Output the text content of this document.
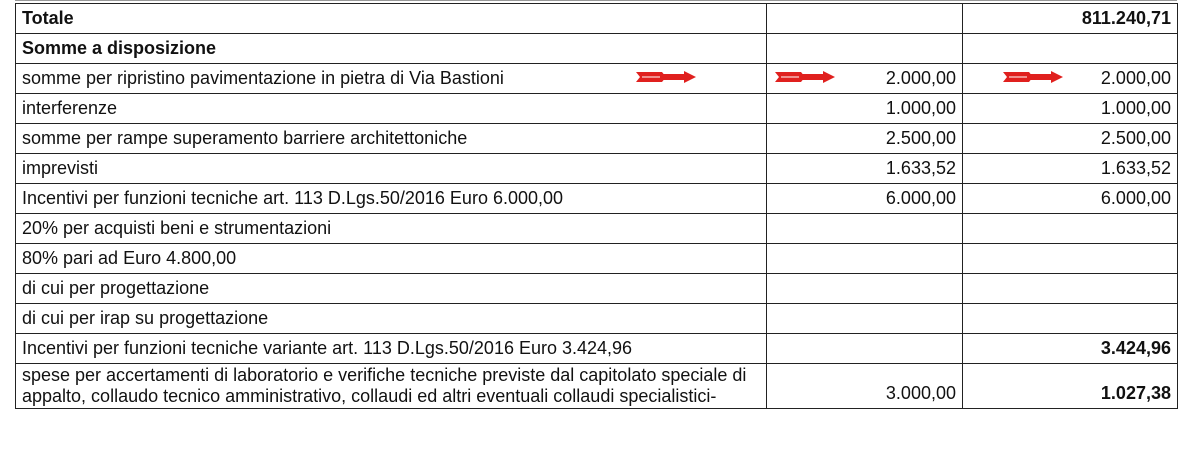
Totale		811.240,71
Somme a disposizione		
somme per ripristino pavimentazione in pietra di Via Bastioni	2.000,00	2.000,00
interferenze	1.000,00	1.000,00
somme per rampe superamento barriere architettoniche	2.500,00	2.500,00
imprevisti	1.633,52	1.633,52
Incentivi per funzioni tecniche art. 113 D.Lgs.50/2016 Euro 6.000,00	6.000,00	6.000,00
20% per acquisti beni e strumentazioni		
80% pari ad Euro 4.800,00		
di cui per progettazione		
di cui per irap su progettazione		
Incentivi per funzioni tecniche variante art. 113 D.Lgs.50/2016 Euro 3.424,96		3.424,96
spese per accertamenti di laboratorio e verifiche tecniche previste dal capitolato speciale di appalto, collaudo tecnico amministrativo, collaudi ed altri eventuali collaudi specialistici-	3.000,00	1.027,38
